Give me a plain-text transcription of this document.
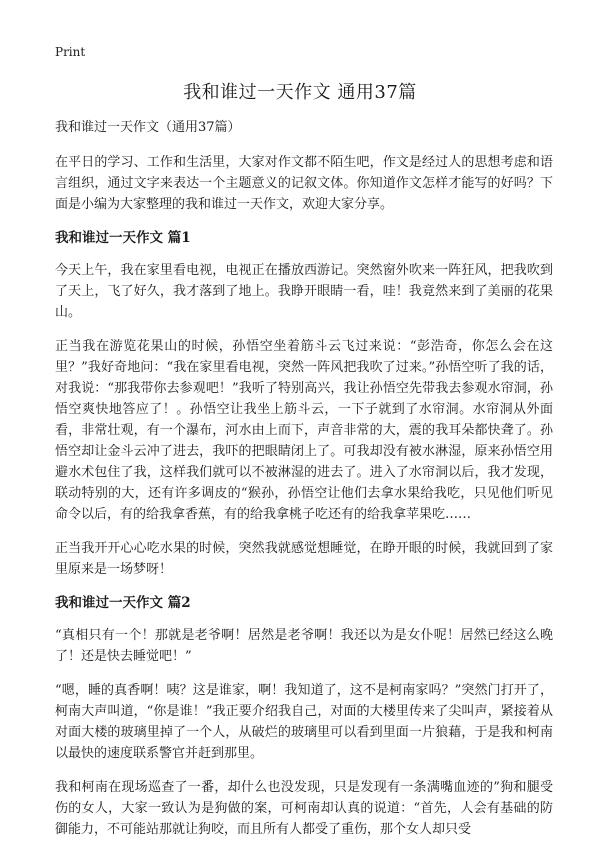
Print
我和谁过一天作文 通用37篇
我和谁过一天作文（通用37篇）

在平日的学习、工作和生活里，大家对作文都不陌生吧，作文是经过人的思想考虑和语言组织，通过文字来表达一个主题意义的记叙文体。你知道作文怎样才能写的好吗？下面是小编为大家整理的我和谁过一天作文，欢迎大家分享。

我和谁过一天作文 篇1

今天上午，我在家里看电视，电视正在播放西游记。突然窗外吹来一阵狂风，把我吹到了天上，飞了好久，我才落到了地上。我睁开眼睛一看，哇！我竟然来到了美丽的花果山。

正当我在游览花果山的时候，孙悟空坐着筋斗云飞过来说：“彭浩奇，你怎么会在这里？”我好奇地问：“我在家里看电视，突然一阵风把我吹了过来。”孙悟空听了我的话，对我说：“那我带你去参观吧！”我听了特别高兴，我让孙悟空先带我去参观水帘洞，孙悟空爽快地答应了！。孙悟空让我坐上筋斗云，一下子就到了水帘洞。水帘洞从外面看，非常壮观，有一个瀑布，河水由上而下，声音非常的大，震的我耳朵都快聋了。孙悟空却让金斗云冲了进去，我吓的把眼睛闭上了。可我却没有被水淋湿，原来孙悟空用避水术包住了我，这样我们就可以不被淋湿的进去了。进入了水帘洞以后，我才发现，联动特别的大，还有许多调皮的“猴孙，孙悟空让他们去拿水果给我吃，只见他们听见命令以后，有的给我拿香蕉，有的给我拿桃子吃还有的给我拿苹果吃……

正当我开开心心吃水果的时候，突然我就感觉想睡觉，在睁开眼的时候，我就回到了家里原来是一场梦呀！

我和谁过一天作文 篇2

“真相只有一个！那就是老爷啊！居然是老爷啊！我还以为是女仆呢！居然已经这么晚了！还是快去睡觉吧！”

“嗯，睡的真香啊！咦？这是谁家，啊！我知道了，这不是柯南家吗？”突然门打开了，柯南大声叫道，“你是谁！”我正要介绍我自己，对面的大楼里传来了尖叫声，紧接着从对面大楼的玻璃里掉了一个人，从破烂的玻璃里可以看到里面一片狼藉，于是我和柯南以最快的速度联系警官并赶到那里。

我和柯南在现场巡查了一番，却什么也没发现，只是发现有一条满嘴血迹的”狗和腿受伤的女人，大家一致认为是狗做的案，可柯南却认真的说道：“首先，人会有基础的防御能力，不可能站那就让狗咬，而且所有人都受了重伤，那个女人却只受
